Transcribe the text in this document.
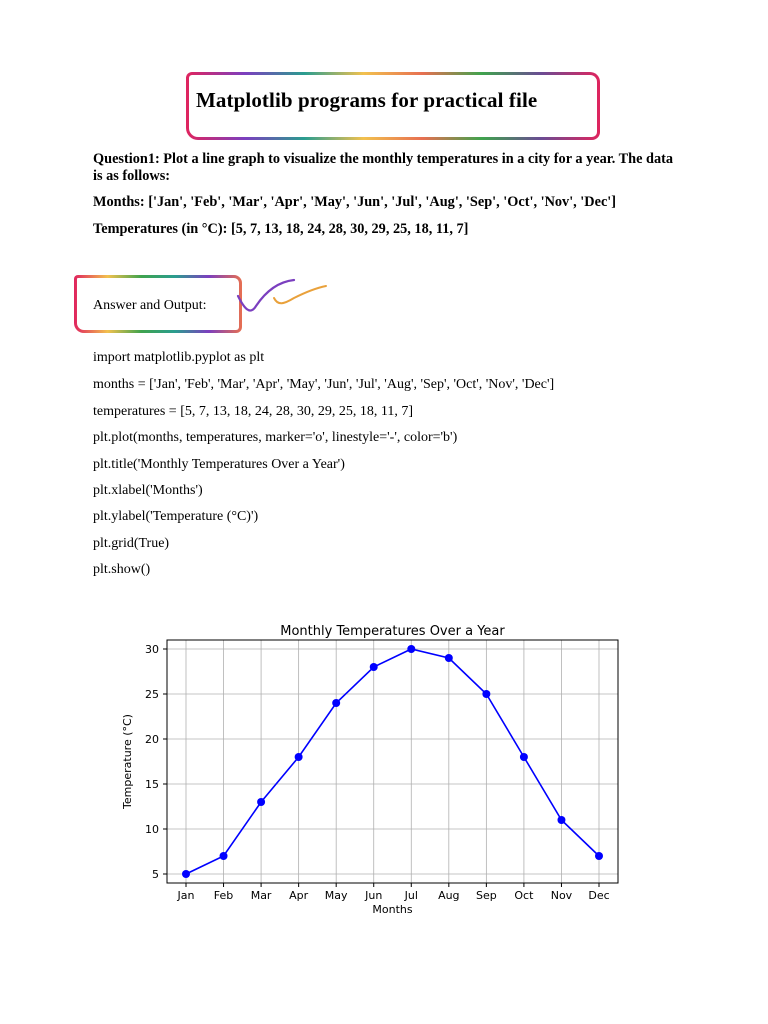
Matplotlib programs for practical file
Question1: Plot a line graph to visualize the monthly temperatures in a city for a year. The data
is as follows:
Months: ['Jan', 'Feb', 'Mar', 'Apr', 'May', 'Jun', 'Jul', 'Aug', 'Sep', 'Oct', 'Nov', 'Dec']
Temperatures (in °C): [5, 7, 13, 18, 24, 28, 30, 29, 25, 18, 11, 7]
Answer and Output:
import matplotlib.pyplot as plt
months = ['Jan', 'Feb', 'Mar', 'Apr', 'May', 'Jun', 'Jul', 'Aug', 'Sep', 'Oct', 'Nov', 'Dec']
temperatures = [5, 7, 13, 18, 24, 28, 30, 29, 25, 18, 11, 7]
plt.plot(months, temperatures, marker='o', linestyle='-', color='b')
plt.title('Monthly Temperatures Over a Year')
plt.xlabel('Months')
plt.ylabel('Temperature (°C)')
plt.grid(True)
plt.show()
5
10
15
20
25
30
Jan Feb Mar Apr May Jun Jul Aug Sep Oct Nov Dec
Monthly Temperatures Over a Year
Months
Temperature (°C)
